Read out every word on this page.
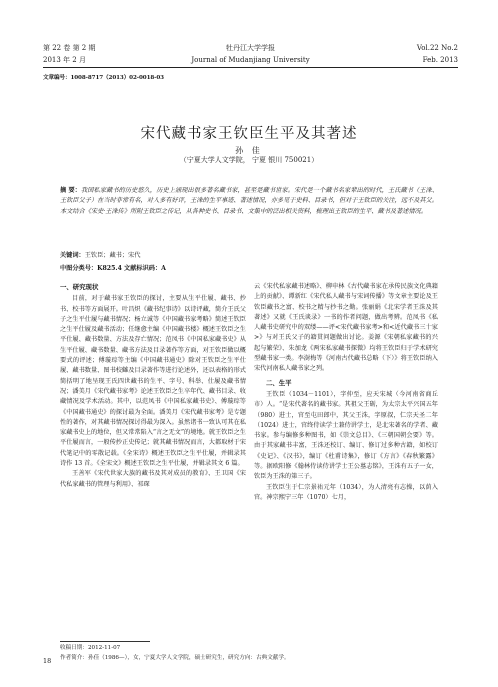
第 22 卷 第 2 期	牡丹江大学学报	Vol.22 No.2
2013 年 2 月	Journal of Mudanjiang University	Feb. 2013
文章编号：1008-8717（2013）02-0018-03
宋代藏书家王钦臣生平及其著述
孙 佳
（宁夏大学人文学院， 宁夏 银川 750021）

摘 要：我国私家藏书的历史悠久，历史上涌现出很多著名藏书家，甚至是藏书世家。宋代是一个藏书名家辈出的时代，王氏藏书（王洙、王钦臣父子）在当时非常有名，对人多有好评，王洙的生平事迹、著述情况，亦多见于史料、目录书，但对于王钦臣的关注，远不及其父。本文结合《宋史·王洙传》所附王钦臣之传记，从各种史书、目录书、文集中的泛出相关资料，梳理出王钦臣的生平、藏书及著述情况。

关键词：王钦臣；藏书；宋代
中图分类号：K825.4 文献标识码：A

一、研究现状

目前，对于藏书家王钦臣的探讨，主要从生平仕履、藏书、抄书、校书等方面展开。叶昌炽《藏书纪事诗》以诗评藏，简介王氏父子之生平仕履与藏书情况；杨立诚等《中国藏书家考略》简述王钦臣之生平仕履及藏书活动；任继愈主编《中国藏书楼》概述王钦臣之生平仕履、藏书数量、方法及存亡情况；范凤书《中国私家藏书史》从生平仕履、藏书数量、藏书方法及目录著作等方面，对王钦臣做以概要式的评述；傅璇琮等主编《中国藏书通史》除对王钦臣之生平仕履、藏书数量、图书校雠及目录著作等进行论述外，还以表格的形式简括明了地呈现王氏四世藏书的生平、字号、科举、仕履及藏书情况；潘美月《宋代藏书家考》论述王钦臣之生卒年代、藏书目录、收藏情况及学术活动。其中，以范凤书《中国私家藏书史》、傅璇琮等《中国藏书通史》的探讨最为全面。潘美月《宋代藏书家考》是专题性的著作，对其藏书情况探讨得最为深入。虽然诸书一致认可其在私家藏书史上的地位，但又常常陷入“言之无文”的境地。就王钦臣之生平仕履而言，一般传抄正史传记；就其藏书情况而言，大都取材于宋代笔记中的零散记载。《全宋诗》概述王钦臣之生平仕履，并辑录其诗作 13 首。《全宋文》概述王钦臣之生平仕履，并辑录其文 6 篇。

王善军《宋代世家大族的藏书及其对成员的教育》、王卫国《宋代私家藏书的管理与利用》、祁琛

云《宋代私家藏书述略》、柳申林《古代藏书家在承传民族文化典籍上的贡献》、谭新红《宋代私人藏书与宋词传播》等文章主要论及王钦臣藏书之富、校书之精与抄书之勤。张丽娟《北宋学者王洙及其著述》又就《王氏谈录》一书的作者问题，做出考辨。范凤书《私人藏书史研究中的双缕——评<宋代藏书家考>和<近代藏书三十家>》与对王氏父子的籍贯问题做出讨论。姜源《宋朝私家藏书的兴起与繁荣》、朱加龙《两宋私家藏书探微》均将王钦臣归于学术研究型藏书家一类。李澍梅等《河南古代藏书总略（下）》将王钦臣纳入宋代河南私人藏书家之列。

二、生平

王钦臣（1034－1101），字仲至，应天宋城（今河南省商丘市）人。“是宋代著名的藏书家。其祖父王砺，为太宗太平兴国五年（980）进士，官至屯田郎中，其父王洙，字原叔，仁宗天圣二年（1024）进士，官终侍读学士兼侍讲学士，是北宋著名的学者、藏书家。参与编修多种图书，如《崇文总目》、《三朝国朝会要》等。由于其家藏书丰富，王洙还校订、编订、修订过多种古籍，如校订《史记》、《汉书》，编订《杜甫诗集》，修订《方言》《春秋繁露》等。据欧阳修《翰林侍读侍讲学士王公墓志铭》，王洙有五子一女，钦臣为王洙的第三子。

王钦臣生于仁宗景祐元年（1034），为人清亮有志操，以荫入官。神宗熙宁三年（1070）七月，

收稿日期：2012-11-07
作者简介：孙佳（1986—），女，宁夏大学人文学院，硕士研究生，研究方向：古典文献学。
18
